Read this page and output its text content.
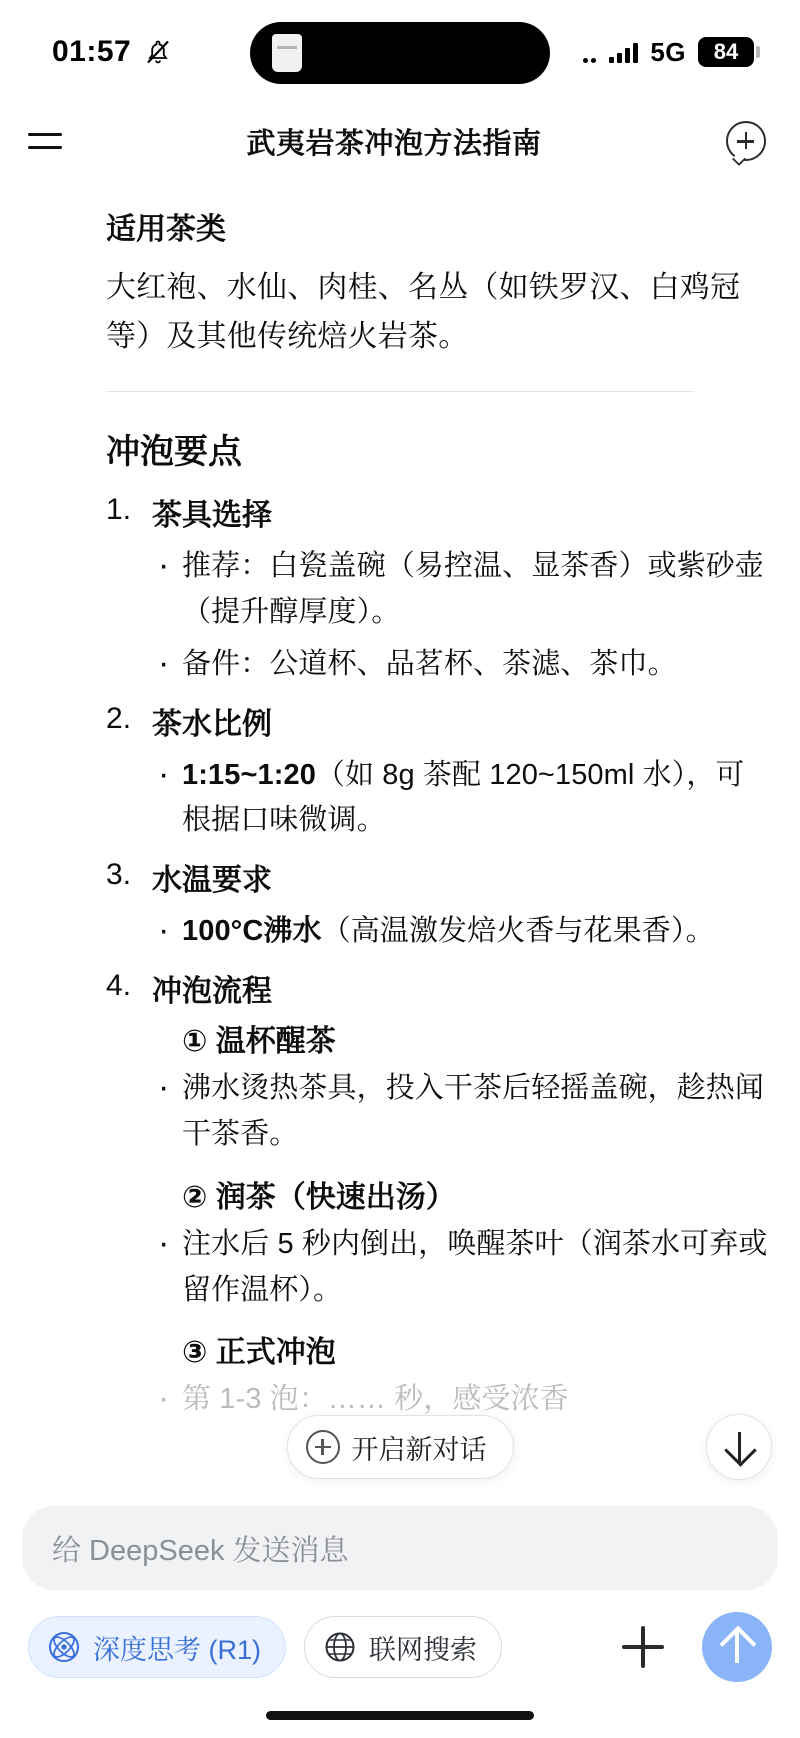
01:57	5G	84
武夷岩茶冲泡方法指南
适用茶类
大红袍、水仙、肉桂、名丛（如铁罗汉、白鸡冠等）及其他传统焙火岩茶。
冲泡要点
茶具选择
· 推荐：白瓷盖碗（易控温、显茶香）或紫砂壶（提升醇厚度）。
· 备件：公道杯、品茗杯、茶滤、茶巾。
茶水比例
· 1:15~1:20（如 8g 茶配 120~150ml 水），可根据口味微调。
水温要求
· 100°C沸水（高温激发焙火香与花果香）。
冲泡流程
① 温杯醒茶
· 沸水烫热茶具，投入干茶后轻摇盖碗，趁热闻干茶香。
② 润茶（快速出汤）
· 注水后 5 秒内倒出，唤醒茶叶（润茶水可弃或留作温杯）。
③ 正式冲泡
· 第 1-3 泡：…… 秒，感受浓香
开启新对话
给 DeepSeek 发送消息
深度思考 (R1)	联网搜索
